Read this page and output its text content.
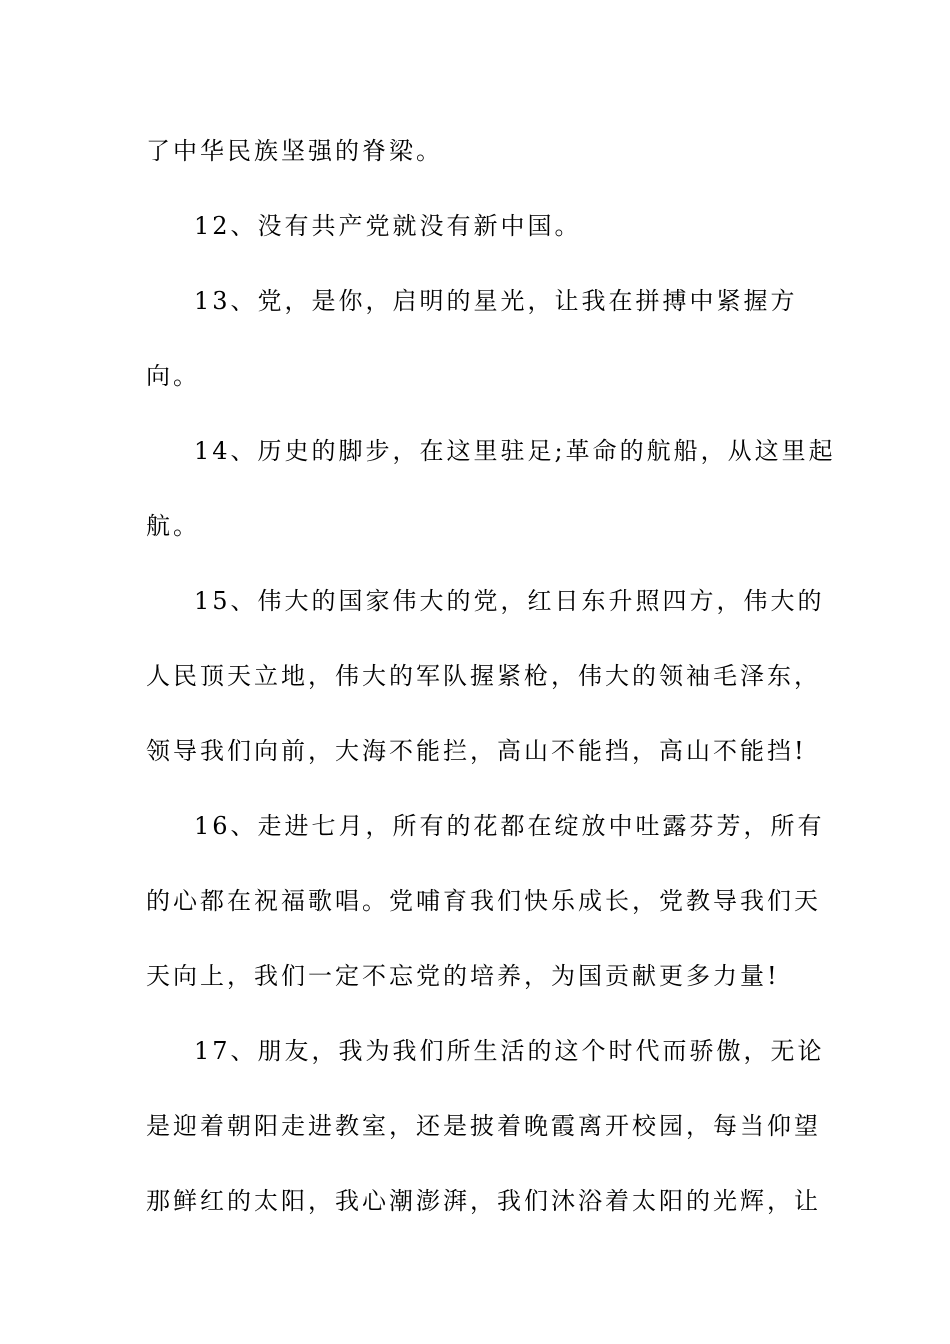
了中华民族坚强的脊梁。
12、没有共产党就没有新中国。
13、党，是你，启明的星光，让我在拼搏中紧握方
向。
14、历史的脚步，在这里驻足;革命的航船，从这里起
航。
15、伟大的国家伟大的党，红日东升照四方，伟大的
人民顶天立地，伟大的军队握紧枪，伟大的领袖毛泽东，
领导我们向前，大海不能拦，高山不能挡，高山不能挡!
16、走进七月，所有的花都在绽放中吐露芬芳，所有
的心都在祝福歌唱。党哺育我们快乐成长，党教导我们天
天向上，我们一定不忘党的培养，为国贡献更多力量!
17、朋友，我为我们所生活的这个时代而骄傲，无论
是迎着朝阳走进教室，还是披着晚霞离开校园，每当仰望
那鲜红的太阳，我心潮澎湃，我们沐浴着太阳的光辉，让
